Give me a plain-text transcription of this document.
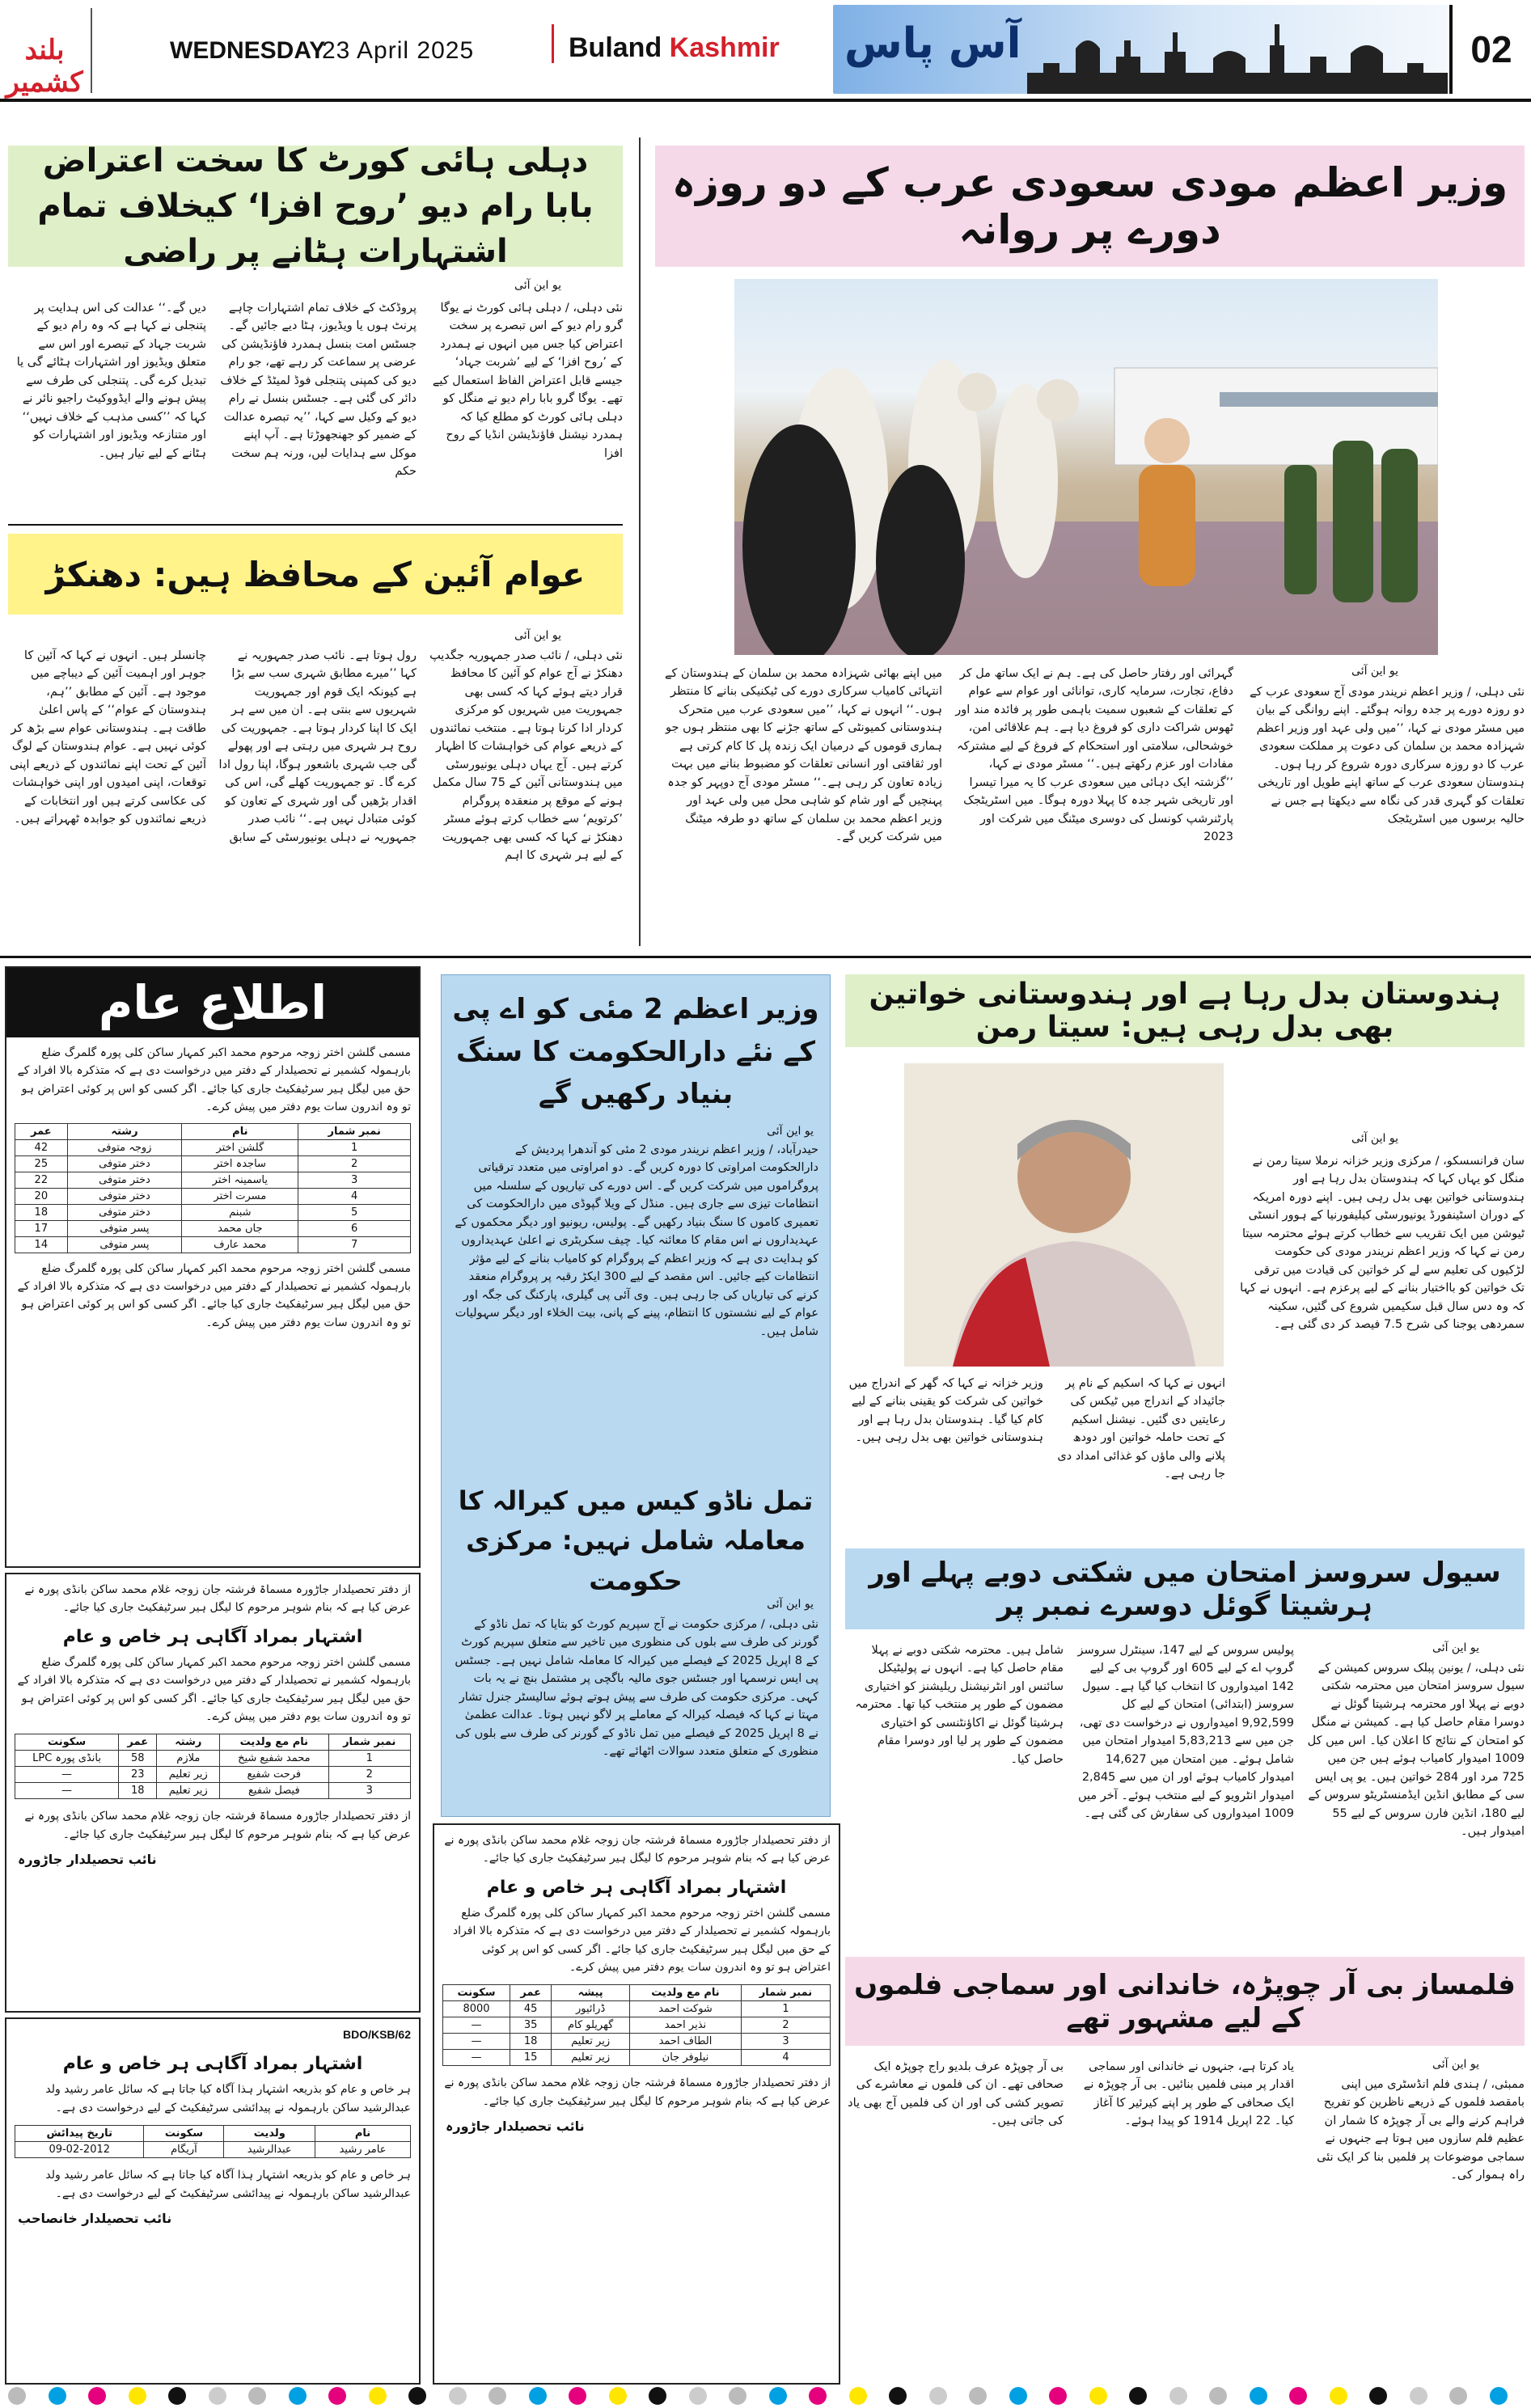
بلند کشمیر
WEDNESDAY
23 April 2025	Buland Kashmir آس پاس	02
دہلی ہائی کورٹ کا سخت اعتراض
بابا رام دیو ’روح افزا‘ کیخلاف تمام اشتہارات ہٹانے پر راضی
یو این آئی
نئی دہلی، / دہلی ہائی کورٹ نے یوگا گرو رام دیو کے اس تبصرے پر سخت اعتراض کیا جس میں انہوں نے ہمدرد کے ’روح افزا‘ کے لیے ’شربت جہاد‘ جیسے قابل اعتراض الفاظ استعمال کیے تھے۔ یوگا گرو بابا رام دیو نے منگل کو دہلی ہائی کورٹ کو مطلع کیا کہ ہمدرد نیشنل فاؤنڈیشن انڈیا کے روح افزا
پروڈکٹ کے خلاف تمام اشتہارات چاہے پرنٹ ہوں یا ویڈیوز، ہٹا دیے جائیں گے۔ جسٹس امت بنسل ہمدرد فاؤنڈیشن کی عرضی پر سماعت کر رہے تھے، جو رام دیو کی کمپنی پتنجلی فوڈ لمیٹڈ کے خلاف دائر کی گئی ہے۔ جسٹس بنسل نے رام دیو کے وکیل سے کہا، ’’یہ تبصرہ عدالت کے ضمیر کو جھنجھوڑتا ہے۔ آپ اپنے موکل سے ہدایات لیں، ورنہ ہم سخت حکم
دیں گے۔‘‘ عدالت کی اس ہدایت پر پتنجلی نے کہا ہے کہ وہ رام دیو کے شربت جہاد کے تبصرے اور اس سے متعلق ویڈیوز اور اشتہارات ہٹائے گی یا تبدیل کرے گی۔ پتنجلی کی طرف سے پیش ہونے والے ایڈووکیٹ راجیو نائر نے کہا کہ ’’کسی مذہب کے خلاف نہیں‘‘ اور متنازعہ ویڈیوز اور اشتہارات کو ہٹانے کے لیے تیار ہیں۔
عوام آئین کے محافظ ہیں: دھنکڑ
یو این آئی
نئی دہلی، / نائب صدر جمہوریہ جگدیپ دھنکڑ نے آج عوام کو آئین کا محافظ قرار دیتے ہوئے کہا کہ کسی بھی جمہوریت میں شہریوں کو مرکزی کردار ادا کرنا ہوتا ہے۔ منتخب نمائندوں کے ذریعے عوام کی خواہشات کا اظہار کرتے ہیں۔ آج یہاں دہلی یونیورسٹی میں ہندوستانی آئین کے 75 سال مکمل ہونے کے موقع پر منعقدہ پروگرام ’کرتویم‘ سے خطاب کرتے ہوئے مسٹر دھنکڑ نے کہا کہ کسی بھی جمہوریت کے لیے ہر شہری کا اہم
رول ہوتا ہے۔ نائب صدر جمہوریہ نے کہا ’’میرے مطابق شہری سب سے بڑا ہے کیونکہ ایک قوم اور جمہوریت شہریوں سے بنتی ہے۔ ان میں سے ہر ایک کا اپنا کردار ہوتا ہے۔ جمہوریت کی روح ہر شہری میں رہتی ہے اور پھولے گی جب شہری باشعور ہوگا، اپنا رول ادا کرے گا۔ تو جمہوریت کھلے گی، اس کی اقدار بڑھیں گی اور شہری کے تعاون کو کوئی متبادل نہیں ہے۔‘‘ نائب صدر جمہوریہ نے دہلی یونیورسٹی کے سابق
چانسلر ہیں۔ انہوں نے کہا کہ آئین کا جوہر اور اہمیت آئین کے دیباچے میں موجود ہے۔ آئین کے مطابق ’’ہم، ہندوستان کے عوام‘‘ کے پاس اعلیٰ طاقت ہے۔ ہندوستانی عوام سے بڑھ کر کوئی نہیں ہے۔ عوام ہندوستان کے لوگ آئین کے تحت اپنے نمائندوں کے ذریعے اپنی توقعات، اپنی امیدوں اور اپنی خواہشات کی عکاسی کرتے ہیں اور انتخابات کے ذریعے نمائندوں کو جوابدہ ٹھہراتے ہیں۔
وزیر اعظم مودی سعودی عرب کے دو روزہ دورے پر روانہ
یو این آئی
نئی دہلی، / وزیر اعظم نریندر مودی آج سعودی عرب کے دو روزہ دورے پر جدہ روانہ ہوگئے۔ اپنے روانگی کے بیان میں مسٹر مودی نے کہا، ’’میں ولی عہد اور وزیر اعظم شہزادہ محمد بن سلمان کی دعوت پر مملکت سعودی عرب کا دو روزہ سرکاری دورہ شروع کر رہا ہوں۔ ہندوستان سعودی عرب کے ساتھ اپنے طویل اور تاریخی تعلقات کو گہری قدر کی نگاہ سے دیکھتا ہے جس نے حالیہ برسوں میں اسٹریٹجک
گہرائی اور رفتار حاصل کی ہے۔ ہم نے ایک ساتھ مل کر دفاع، تجارت، سرمایہ کاری، توانائی اور عوام سے عوام کے تعلقات کے شعبوں سمیت باہمی طور پر فائدہ مند اور ٹھوس شراکت داری کو فروغ دیا ہے۔ ہم علاقائی امن، خوشحالی، سلامتی اور استحکام کے فروغ کے لیے مشترکہ مفادات اور عزم رکھتے ہیں۔‘‘ مسٹر مودی نے کہا، ’’گزشتہ ایک دہائی میں سعودی عرب کا یہ میرا تیسرا اور تاریخی شہر جدہ کا پہلا دورہ ہوگا۔ میں اسٹریٹجک پارٹنرشپ کونسل کی دوسری میٹنگ میں شرکت اور 2023
میں اپنے بھائی شہزادہ محمد بن سلمان کے ہندوستان کے انتہائی کامیاب سرکاری دورے کی ٹیکنیکی بنانے کا منتظر ہوں۔‘‘ انہوں نے کہا، ’’میں سعودی عرب میں متحرک ہندوستانی کمیونٹی کے ساتھ جڑنے کا بھی منتظر ہوں جو ہماری قوموں کے درمیان ایک زندہ پل کا کام کرتی ہے اور ثقافتی اور انسانی تعلقات کو مضبوط بنانے میں بہت زیادہ تعاون کر رہی ہے۔‘‘ مسٹر مودی آج دوپہر کو جدہ پہنچیں گے اور شام کو شاہی محل میں ولی عہد اور وزیر اعظم محمد بن سلمان کے ساتھ دو طرفہ میٹنگ میں شرکت کریں گے۔
اطلاع عام
مسمی گلشن اختر زوجہ مرحوم محمد اکبر کمہار ساکن کلی پورہ گلمرگ ضلع بارہمولہ کشمیر نے تحصیلدار کے دفتر میں درخواست دی ہے کہ متذکرہ بالا افراد کے حق میں لیگل ہیر سرٹیفکیٹ جاری کیا جائے۔ اگر کسی کو اس پر کوئی اعتراض ہو تو وہ اندرون سات یوم دفتر میں پیش کرے۔
نمبر شمار	نام	رشتہ	عمر
1	گلشن اختر	زوجہ متوفی	42
2	ساجدہ اختر	دختر متوفی	25
3	یاسمینہ اختر	دختر متوفی	22
4	مسرت اختر	دختر متوفی	20
5	شبنم	دختر متوفی	18
6	جاں محمد	پسر متوفی	17
7	محمد عارف	پسر متوفی	14
مسمی گلشن اختر زوجہ مرحوم محمد اکبر کمہار ساکن کلی پورہ گلمرگ ضلع بارہمولہ کشمیر نے تحصیلدار کے دفتر میں درخواست دی ہے کہ متذکرہ بالا افراد کے حق میں لیگل ہیر سرٹیفکیٹ جاری کیا جائے۔ اگر کسی کو اس پر کوئی اعتراض ہو تو وہ اندرون سات یوم دفتر میں پیش کرے۔
از دفتر تحصیلدار جاڑورہ مسماۃ فرشتہ جان زوجہ غلام محمد ساکن بانڈی پورہ نے عرض کیا ہے کہ بنام شوہر مرحوم کا لیگل ہیر سرٹیفکیٹ جاری کیا جائے۔
اشتہار بمراد آگاہی ہر خاص و عام
مسمی گلشن اختر زوجہ مرحوم محمد اکبر کمہار ساکن کلی پورہ گلمرگ ضلع بارہمولہ کشمیر نے تحصیلدار کے دفتر میں درخواست دی ہے کہ متذکرہ بالا افراد کے حق میں لیگل ہیر سرٹیفکیٹ جاری کیا جائے۔ اگر کسی کو اس پر کوئی اعتراض ہو تو وہ اندرون سات یوم دفتر میں پیش کرے۔
نمبر شمار	نام مع ولدیت	رشتہ	عمر	سکونت
1	محمد شفیع شیخ	ملازم	58	بانڈی پورہ LPC
2	فرحت شفیع	زیر تعلیم	23	—
3	فیصل شفیع	زیر تعلیم	18	—
از دفتر تحصیلدار جاڑورہ مسماۃ فرشتہ جان زوجہ غلام محمد ساکن بانڈی پورہ نے عرض کیا ہے کہ بنام شوہر مرحوم کا لیگل ہیر سرٹیفکیٹ جاری کیا جائے۔
نائب تحصیلدار جاڑورہ
BDO/KSB/62
اشتہار بمراد آگاہی ہر خاص و عام
ہر خاص و عام کو بذریعہ اشتہار ہذا آگاہ کیا جاتا ہے کہ سائل عامر رشید ولد عبدالرشید ساکن بارہمولہ نے پیدائشی سرٹیفکیٹ کے لیے درخواست دی ہے۔
نام	ولدیت	سکونت	تاریخ پیدائش
عامر رشید	عبدالرشید	آریگام	09-02-2012
ہر خاص و عام کو بذریعہ اشتہار ہذا آگاہ کیا جاتا ہے کہ سائل عامر رشید ولد عبدالرشید ساکن بارہمولہ نے پیدائشی سرٹیفکیٹ کے لیے درخواست دی ہے۔
نائب تحصیلدار خانصاحب
وزیر اعظم 2 مئی کو اے پی کے نئے دارالحکومت کا سنگ بنیاد رکھیں گے
یو این آئی
حیدرآباد، / وزیر اعظم نریندر مودی 2 مئی کو آندھرا پردیش کے دارالحکومت امراوتی کا دورہ کریں گے۔ دو امراوتی میں متعدد ترقیاتی پروگراموں میں شرکت کریں گے۔ اس دورے کی تیاریوں کے سلسلہ میں انتظامات تیزی سے جاری ہیں۔ منڈل کے ویلا گپوڈی میں دارالحکومت کی تعمیری کاموں کا سنگ بنیاد رکھیں گے۔ پولیس، ریونیو اور دیگر محکموں کے عہدیداروں نے اس مقام کا معائنہ کیا۔ چیف سکریٹری نے اعلیٰ عہدیداروں کو ہدایت دی ہے کہ وزیر اعظم کے پروگرام کو کامیاب بنانے کے لیے مؤثر انتظامات کیے جائیں۔ اس مقصد کے لیے 300 ایکڑ رقبہ پر پروگرام منعقد کرنے کی تیاریاں کی جا رہی ہیں۔ وی آئی پی گیلری، پارکنگ کی جگہ اور عوام کے لیے نشستوں کا انتظام، پینے کے پانی، بیت الخلاء اور دیگر سہولیات شامل ہیں۔
تمل ناڈو کیس میں کیرالہ کا معاملہ شامل نہیں: مرکزی حکومت
یو این آئی
نئی دہلی، / مرکزی حکومت نے آج سپریم کورٹ کو بتایا کہ تمل ناڈو کے گورنر کی طرف سے بلوں کی منظوری میں تاخیر سے متعلق سپریم کورٹ کے 8 اپریل 2025 کے فیصلے میں کیرالہ کا معاملہ شامل نہیں ہے۔ جسٹس پی ایس نرسمہا اور جسٹس جوی مالیہ باگچی پر مشتمل بنچ نے یہ بات کہی۔ مرکزی حکومت کی طرف سے پیش ہوتے ہوئے سالیسٹر جنرل تشار مہتا نے کہا کہ فیصلہ کیرالہ کے معاملے پر لاگو نہیں ہوتا۔ عدالت عظمیٰ نے 8 اپریل 2025 کے فیصلے میں تمل ناڈو کے گورنر کی طرف سے بلوں کی منظوری کے متعلق متعدد سوالات اٹھائے تھے۔
از دفتر تحصیلدار جاڑورہ مسماۃ فرشتہ جان زوجہ غلام محمد ساکن بانڈی پورہ نے عرض کیا ہے کہ بنام شوہر مرحوم کا لیگل ہیر سرٹیفکیٹ جاری کیا جائے۔
اشتہار بمراد آگاہی ہر خاص و عام
مسمی گلشن اختر زوجہ مرحوم محمد اکبر کمہار ساکن کلی پورہ گلمرگ ضلع بارہمولہ کشمیر نے تحصیلدار کے دفتر میں درخواست دی ہے کہ متذکرہ بالا افراد کے حق میں لیگل ہیر سرٹیفکیٹ جاری کیا جائے۔ اگر کسی کو اس پر کوئی اعتراض ہو تو وہ اندرون سات یوم دفتر میں پیش کرے۔
نمبر شمار	نام مع ولدیت	پیشہ	عمر	سکونت
1	شوکت احمد	ڈرائیور	45	8000
2	نذیر احمد	گھریلو کام	35	—
3	الطاف احمد	زیر تعلیم	18	—
4	نیلوفر جان	زیر تعلیم	15	—
از دفتر تحصیلدار جاڑورہ مسماۃ فرشتہ جان زوجہ غلام محمد ساکن بانڈی پورہ نے عرض کیا ہے کہ بنام شوہر مرحوم کا لیگل ہیر سرٹیفکیٹ جاری کیا جائے۔
نائب تحصیلدار جاڑورہ
ہندوستان بدل رہا ہے اور ہندوستانی خواتین بھی بدل رہی ہیں: سیتا رمن
یو این آئی
سان فرانسسکو، / مرکزی وزیر خزانہ نرملا سیتا رمن نے منگل کو یہاں کہا کہ ہندوستان بدل رہا ہے اور ہندوستانی خواتین بھی بدل رہی ہیں۔ اپنے دورہ امریکہ کے دوران اسٹینفورڈ یونیورسٹی کیلیفورنیا کے ہوور انسٹی ٹیوشن میں ایک تقریب سے خطاب کرتے ہوئے محترمہ سیتا رمن نے کہا کہ وزیر اعظم نریندر مودی کی حکومت لڑکیوں کی تعلیم سے لے کر خواتین کی قیادت میں ترقی تک خواتین کو بااختیار بنانے کے لیے پرعزم ہے۔ انہوں نے کہا کہ وہ دس سال قبل سکیمیں شروع کی گئیں، سکینہ سمردھی یوجنا کی شرح 7.5 فیصد کر دی گئی ہے۔
انہوں نے کہا کہ اسکیم کے نام پر جائیداد کے اندراج میں ٹیکس کی رعایتیں دی گئیں۔ نیشنل اسکیم کے تحت حاملہ خواتین اور دودھ پلانے والی ماؤں کو غذائی امداد دی جا رہی ہے۔
وزیر خزانہ نے کہا کہ گھر کے اندراج میں خواتین کی شرکت کو یقینی بنانے کے لیے کام کیا گیا۔ ہندوستان بدل رہا ہے اور ہندوستانی خواتین بھی بدل رہی ہیں۔
سیول سروسز امتحان میں شکتی دوبے پہلے اور ہرشیتا گوئل دوسرے نمبر پر
یو این آئی
نئی دہلی، / یونین پبلک سروس کمیشن کے سیول سروسز امتحان میں محترمہ شکتی دوبے نے پہلا اور محترمہ ہرشیتا گوئل نے دوسرا مقام حاصل کیا ہے۔ کمیشن نے منگل کو امتحان کے نتائج کا اعلان کیا۔ اس میں کل 1009 امیدوار کامیاب ہوئے ہیں جن میں 725 مرد اور 284 خواتین ہیں۔ یو پی ایس سی کے مطابق انڈین ایڈمنسٹریٹو سروس کے لیے 180، انڈین فارن سروس کے لیے 55 امیدوار ہیں۔
پولیس سروس کے لیے 147، سینٹرل سروسز گروپ اے کے لیے 605 اور گروپ بی کے لیے 142 امیدواروں کا انتخاب کیا گیا ہے۔ سیول سروسز (ابتدائی) امتحان کے لیے کل 9,92,599 امیدواروں نے درخواست دی تھی، جن میں سے 5,83,213 امیدوار امتحان میں شامل ہوئے۔ مین امتحان میں 14,627 امیدوار کامیاب ہوئے اور ان میں سے 2,845 امیدوار انٹرویو کے لیے منتخب ہوئے۔ آخر میں 1009 امیدواروں کی سفارش کی گئی ہے۔
شامل ہیں۔ محترمہ شکتی دوبے نے پہلا مقام حاصل کیا ہے۔ انہوں نے پولیٹیکل سائنس اور انٹرنیشنل ریلیشنز کو اختیاری مضمون کے طور پر منتخب کیا تھا۔ محترمہ ہرشیتا گوئل نے اکاؤنٹنسی کو اختیاری مضمون کے طور پر لیا اور دوسرا مقام حاصل کیا۔
فلمساز بی آر چوپڑہ، خاندانی اور سماجی فلموں کے لیے مشہور تھے
یو این آئی
ممبئی، / ہندی فلم انڈسٹری میں اپنی بامقصد فلموں کے ذریعے ناظرین کو تفریح فراہم کرنے والے بی آر چوپڑہ کا شمار ان عظیم فلم سازوں میں ہوتا ہے جنہوں نے سماجی موضوعات پر فلمیں بنا کر ایک نئی راہ ہموار کی۔
یاد کرتا ہے، جنہوں نے خاندانی اور سماجی اقدار پر مبنی فلمیں بنائیں۔ بی آر چوپڑہ نے ایک صحافی کے طور پر اپنے کیرئیر کا آغاز کیا۔ 22 اپریل 1914 کو پیدا ہوئے۔
بی آر چوپڑہ عرف بلدیو راج چوپڑہ ایک صحافی تھے۔ ان کی فلموں نے معاشرے کی تصویر کشی کی اور ان کی فلمیں آج بھی یاد کی جاتی ہیں۔
